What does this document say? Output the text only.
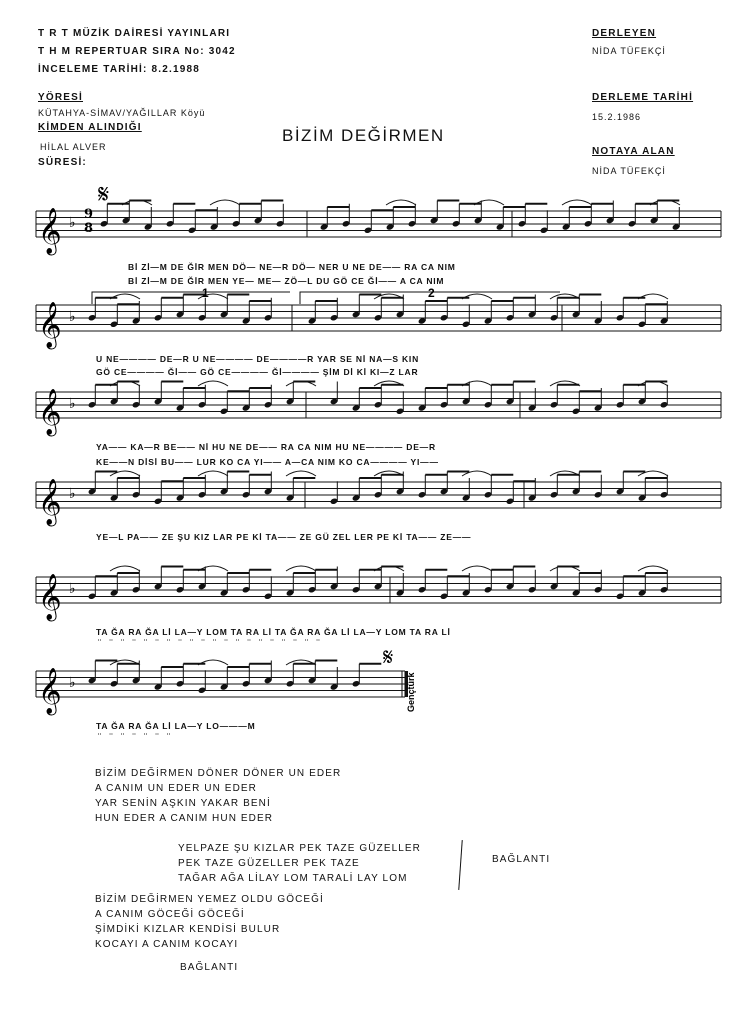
T R T MÜZİK DAİRESİ YAYINLARI
T H M REPERTUAR SIRA No: 3042
İNCELEME TARİHİ: 8.2.1988
YÖRESİ
KÜTAHYA-SİMAV/YAĞILLAR Köyü
KİMDEN ALINDIĞI
HİLAL ALVER
SÜRESİ:
DERLEYEN
NİDA TÜFEKÇİ
DERLEME TARİHİ
15.2.1986
NOTAYA ALAN
NİDA TÜFEKÇİ
BİZİM DEĞİRMEN
𝄞 ♭
𝄞 ♭
𝄞 ♭
𝄞 ♭
𝄞 ♭
𝄞 ♭
𝄋
𝄋
9
8
1	2
Gençtürk
Bİ Zİ—M DE ĞİR MEN DÖ— NE—R DÖ— NER U NE DE—— RA CA NIM
Bİ Zİ—M DE ĞİR MEN YE— ME— ZÖ—L DU GÖ CE Ğİ—— A CA NIM
U NE———— DE—R U NE———— DE————R YAR SE Nİ NA—S KIN
GÖ CE———— Ğİ—— GÖ CE———— Ğİ———— ŞİM Dİ Kİ KI—Z LAR
YA—— KA—R BE—— Nİ HU NE DE—— RA CA NIM HU NE———— DE—R
KE——N DİSİ BU—— LUR KO CA YI—— A—CA NIM KO CA———— YI——
YE—L PA—— ZE ŞU KIZ LAR PE Kİ TA—— ZE GÜ ZEL LER PE Kİ TA—— ZE——
TA ĞA RA ĞA Lİ LA—Y LOM TA RA Lİ TA ĞA RA ĞA Lİ LA—Y LOM TA RA Lİ
¨ ¨ ¨ ¨ ¨ ¨ ¨ ¨ ¨ ¨ ¨ ¨ ¨ ¨ ¨ ¨ ¨ ¨ ¨ ¨
TA ĞA RA ĞA Lİ LA—Y LO———M
¨ ¨ ¨ ¨ ¨ ¨ ¨
BİZİM DEĞİRMEN DÖNER DÖNER UN EDER
A CANIM UN EDER UN EDER
YAR SENİN AŞKIN YAKAR BENİ
HUN EDER A CANIM HUN EDER
YELPAZE ŞU KIZLAR PEK TAZE GÜZELLER
PEK TAZE GÜZELLER PEK TAZE
TAĞAR AĞA LİLAY LOM TARALİ LAY LOM
BAĞLANTI
BİZİM DEĞİRMEN YEMEZ OLDU GÖCEĞİ
A CANIM GÖCEĞİ GÖCEĞİ
ŞİMDİKİ KIZLAR KENDİSİ BULUR
KOCAYI A CANIM KOCAYI
BAĞLANTI
